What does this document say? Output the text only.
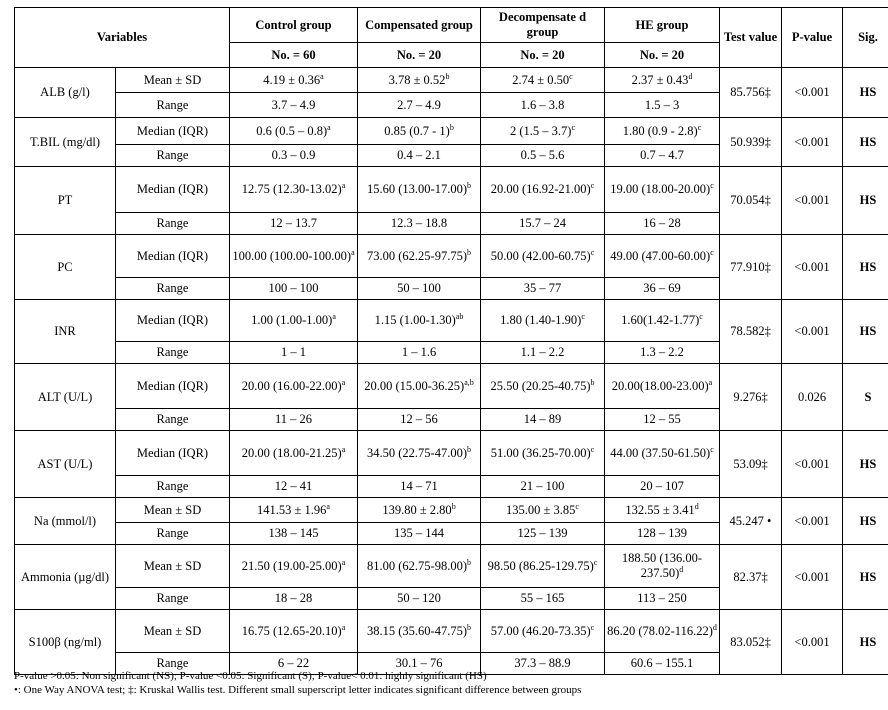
Variables		Control group	Compensated group	Decompensate d group	HE group	Test value	P-value	Sig.
		No. = 60	No. = 20	No. = 20	No. = 20			
ALB (g/l)	Mean ± SD	4.19 ± 0.36$^a$	3.78 ± 0.52$^b$	2.74 ± 0.50$^c$	2.37 ± 0.43$^d$	85.756‡	<0.001	HS
	Range	3.7 – 4.9	2.7 – 4.9	1.6 – 3.8	1.5 – 3			
T.BIL (mg/dl)	Median (IQR)	0.6 (0.5 – 0.8)$^a$	0.85 (0.7 - 1)$^b$	2 (1.5 – 3.7)$^c$	1.80 (0.9 - 2.8)$^c$	50.939‡	<0.001	HS
	Range	0.3 – 0.9	0.4 – 2.1	0.5 – 5.6	0.7 – 4.7			
PT	Median (IQR)	12.75 $(12.30-13.02)^a$	15.60 $(13.00-17.00)^b$	20.00 $(16.92-21.00)^c$	19.00 $(18.00-20.00)^c$	70.054‡	<0.001	HS
	Range	12 – 13.7	12.3 – 18.8	15.7 – 24	16 – 28			
PC	Median (IQR)	100.00 $(100.00-100.00)^a$	73.00 $(62.25-97.75)^b$	50.00 $(42.00-60.75)^c$	49.00 $(47.00-60.00)^c$	77.910‡	<0.001	HS
	Range	100 – 100	50 – 100	35 – 77	36 – 69			
INR	Median (IQR)	1.00 $(1.00-1.00)^a$	1.15 $(1.00-1.30)^{ab}$	1.80 $(1.40-1.90)^c$	$1.60(1.42-1.77)^c$	78.582‡	<0.001	HS
	Range	1 – 1	1 – 1.6	1.1 – 2.2	1.3 – 2.2			
ALT (U/L)	Median (IQR)	20.00 $(16.00-22.00)^a$	20.00 $(15.00-36.25)^{a,b}$	25.50 $(20.25-40.75)^b$	$20.00(18.00-23.00)^a$	9.276‡	0.026	S
	Range	11 – 26	12 – 56	14 – 89	12 – 55			
AST (U/L)	Median (IQR)	20.00 $(18.00-21.25)^a$	34.50 $(22.75-47.00)^b$	51.00 $(36.25-70.00)^c$	44.00 $(37.50-61.50)^c$	53.09‡	<0.001	HS
	Range	12 – 41	14 – 71	21 – 100	20 – 107			
Na (mmol/l)	Mean ± SD	141.53 ± 1.96$^a$	139.80 ± 2.80$^b$	135.00 ± 3.85$^c$	132.55 ± 3.41$^d$	45.247 •	<0.001	HS
	Range	138 – 145	135 – 144	125 – 139	128 – 139			
Ammonia (µg/dl)	Mean ± SD	21.50 $(19.00-25.00)^a$	81.00 $(62.75-98.00)^b$	98.50 $(86.25-129.75)^c$	188.50 $(136.00-237.50)^d$	82.37‡	<0.001	HS
	Range	18 – 28	50 – 120	55 – 165	113 – 250			
S100β (ng/ml)	Mean ± SD	16.75 $(12.65-20.10)^a$	38.15 $(35.60-47.75)^b$	57.00 $(46.20-73.35)^c$	86.20 $(78.02-116.22)^d$	83.052‡	<0.001	HS
	Range	6 – 22	30.1 – 76	37.3 – 88.9	60.6 – 155.1			
P-value >0.05: Non significant (NS); P-value <0.05: Significant (S); P-value< 0.01: highly significant (HS)
•: One Way ANOVA test; ‡: Kruskal Wallis test. Different small superscript letter indicates significant difference between groups
